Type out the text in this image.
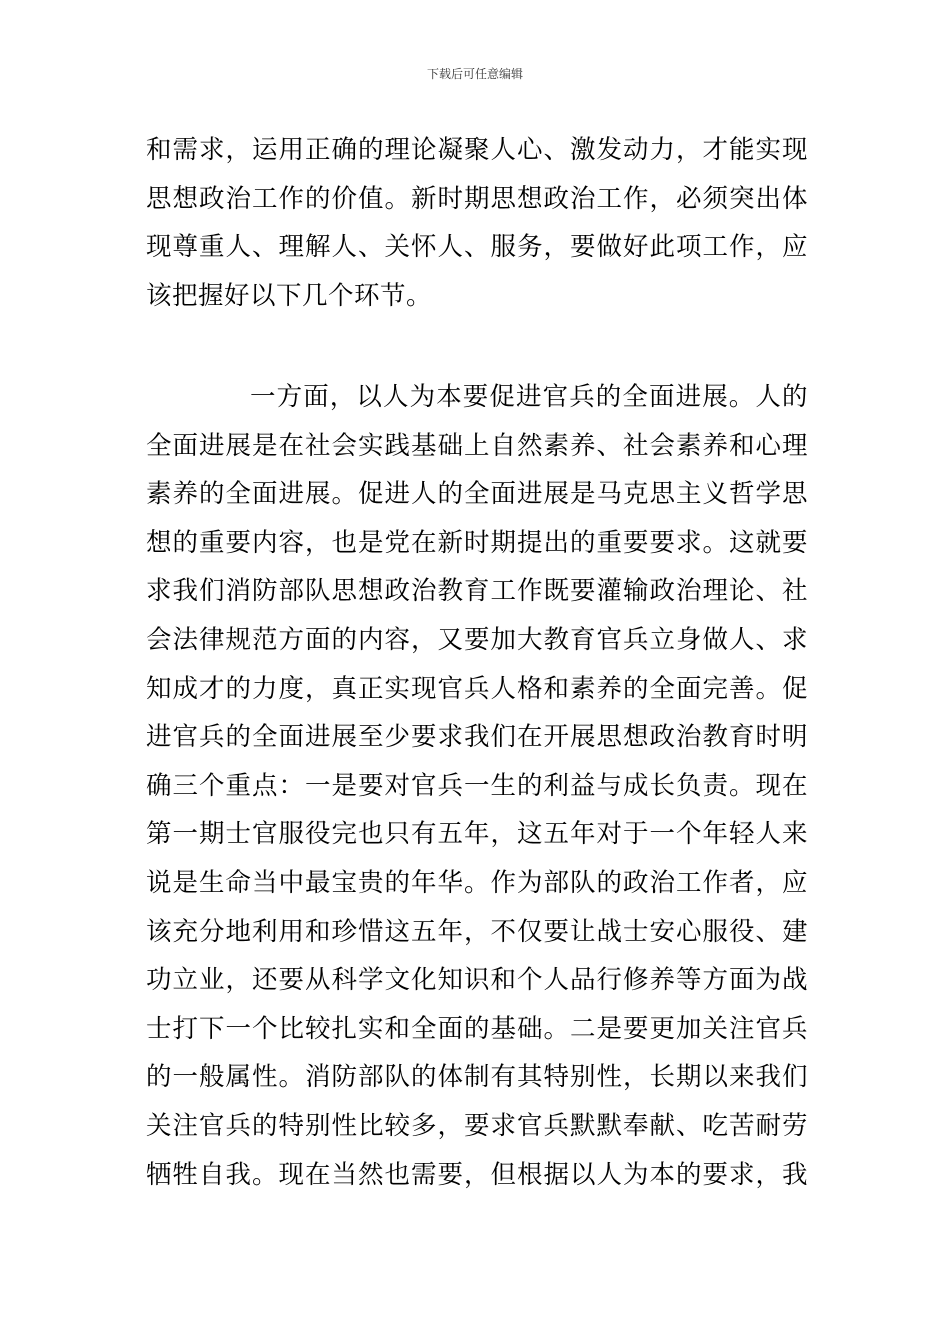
下载后可任意编辑
和需求，运用正确的理论凝聚人心、激发动力，才能实现
思想政治工作的价值。新时期思想政治工作，必须突出体
现尊重人、理解人、关怀人、服务，要做好此项工作，应
该把握好以下几个环节。
一方面，以人为本要促进官兵的全面进展。人的
全面进展是在社会实践基础上自然素养、社会素养和心理
素养的全面进展。促进人的全面进展是马克思主义哲学思
想的重要内容，也是党在新时期提出的重要要求。这就要
求我们消防部队思想政治教育工作既要灌输政治理论、社
会法律规范方面的内容，又要加大教育官兵立身做人、求
知成才的力度，真正实现官兵人格和素养的全面完善。促
进官兵的全面进展至少要求我们在开展思想政治教育时明
确三个重点：一是要对官兵一生的利益与成长负责。现在
第一期士官服役完也只有五年，这五年对于一个年轻人来
说是生命当中最宝贵的年华。作为部队的政治工作者，应
该充分地利用和珍惜这五年，不仅要让战士安心服役、建
功立业，还要从科学文化知识和个人品行修养等方面为战
士打下一个比较扎实和全面的基础。二是要更加关注官兵
的一般属性。消防部队的体制有其特别性，长期以来我们
关注官兵的特别性比较多，要求官兵默默奉献、吃苦耐劳
牺牲自我。现在当然也需要，但根据以人为本的要求，我
